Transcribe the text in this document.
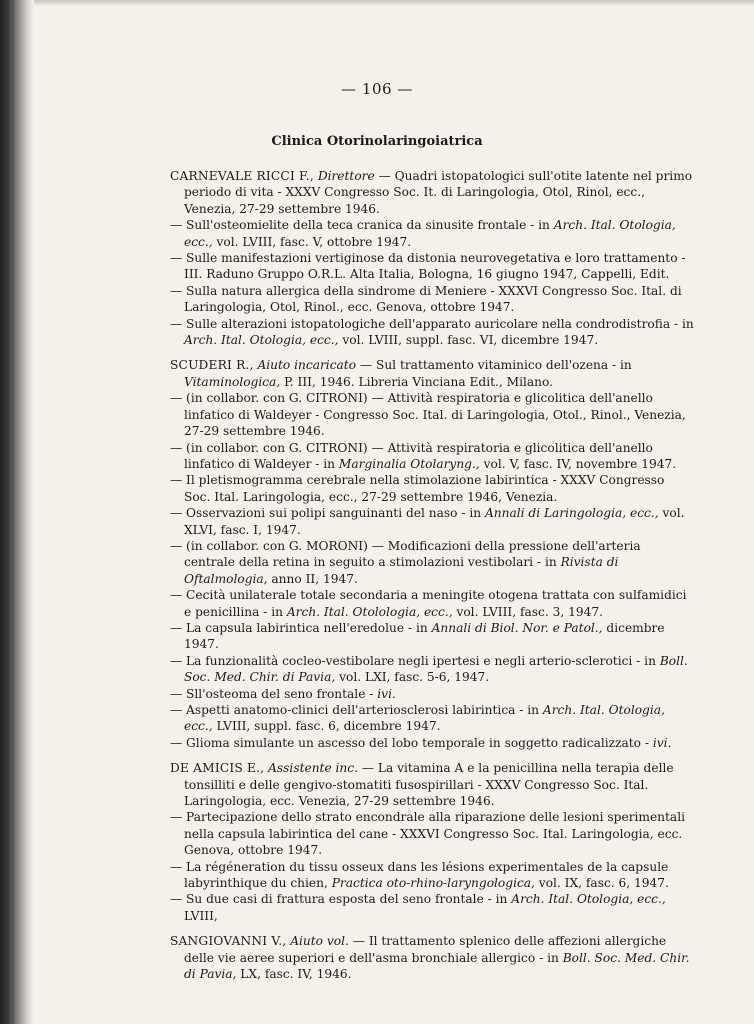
— 106 —
Clinica Otorinolaringoiatrica

CARNEVALE RICCI F., Direttore — Quadri istopatologici sull'otite latente nel primo periodo di vita - XXXV Congresso Soc. It. di Laringologia, Otol, Rinol, ecc., Venezia, 27-29 settembre 1946.

— Sull'osteomielite della teca cranica da sinusite frontale - in Arch. Ital. Otologia, ecc., vol. LVIII, fasc. V, ottobre 1947.

— Sulle manifestazioni vertiginose da distonia neurovegetativa e loro trattamento - III. Raduno Gruppo O.R.L. Alta Italia, Bologna, 16 giugno 1947, Cappelli, Edit.

— Sulla natura allergica della sindrome di Meniere - XXXVI Congresso Soc. Ital. di Laringologia, Otol, Rinol., ecc. Genova, ottobre 1947.

— Sulle alterazioni istopatologiche dell'apparato auricolare nella condrodistrofia - in Arch. Ital. Otologia, ecc., vol. LVIII, suppl. fasc. VI, dicembre 1947.

SCUDERI R., Aiuto incaricato — Sul trattamento vitaminico dell'ozena - in Vitaminologica, P. III, 1946. Libreria Vinciana Edit., Milano.

— (in collabor. con G. CITRONI) — Attività respiratoria e glicolitica dell'anello linfatico di Waldeyer - Congresso Soc. Ital. di Laringologia, Otol., Rinol., Venezia, 27-29 settembre 1946.

— (in collabor. con G. CITRONI) — Attività respiratoria e glicolitica dell'anello linfatico di Waldeyer - in Marginalia Otolaryng., vol. V, fasc. IV, novembre 1947.

— Il pletismogramma cerebrale nella stimolazione labirintica - XXXV Congresso Soc. Ital. Laringologia, ecc., 27-29 settembre 1946, Venezia.

— Osservazioni sui polipi sanguinanti del naso - in Annali di Laringologia, ecc., vol. XLVI, fasc. I, 1947.

— (in collabor. con G. MORONI) — Modificazioni della pressione dell'arteria centrale della retina in seguito a stimolazioni vestibolari - in Rivista di Oftalmologia, anno II, 1947.

— Cecità unilaterale totale secondaria a meningite otogena trattata con sulfamidici e penicillina - in Arch. Ital. Otolologia, ecc., vol. LVIII, fasc. 3, 1947.

— La capsula labirintica nell'eredolue - in Annali di Biol. Nor. e Patol., dicembre 1947.

— La funzionalità cocleo-vestibolare negli ipertesi e negli arterio-sclerotici - in Boll. Soc. Med. Chir. di Pavia, vol. LXI, fasc. 5-6, 1947.

— Sll'osteoma del seno frontale - ivi.

— Aspetti anatomo-clinici dell'arteriosclerosi labirintica - in Arch. Ital. Otologia, ecc., LVIII, suppl. fasc. 6, dicembre 1947.

— Glioma simulante un ascesso del lobo temporale in soggetto radicalizzato - ivi.

DE AMICIS E., Assistente inc. — La vitamina A e la penicillina nella terapia delle tonsilliti e delle gengivo-stomatiti fusospirillari - XXXV Congresso Soc. Ital. Laringologia, ecc. Venezia, 27-29 settembre 1946.

— Partecipazione dello strato encondrale alla riparazione delle lesioni sperimentali nella capsula labirintica del cane - XXXVI Congresso Soc. Ital. Laringologia, ecc. Genova, ottobre 1947.

— La régéneration du tissu osseux dans les lésions experimentales de la capsule labyrinthique du chien, Practica oto-rhino-laryngologica, vol. IX, fasc. 6, 1947.

— Su due casi di frattura esposta del seno frontale - in Arch. Ital. Otologia, ecc., LVIII,

SANGIOVANNI V., Aiuto vol. — Il trattamento splenico delle affezioni allergiche delle vie aeree superiori e dell'asma bronchiale allergico - in Boll. Soc. Med. Chir. di Pavia, LX, fasc. IV, 1946.
